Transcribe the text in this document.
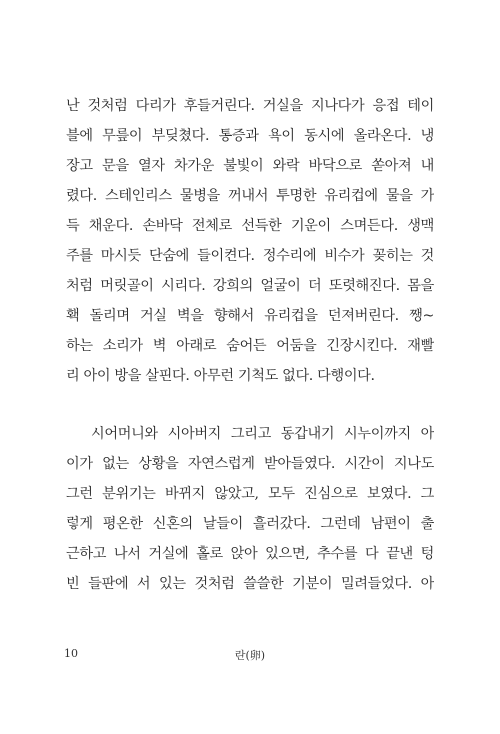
난 것처럼 다리가 후들거린다. 거실을 지나다가 응접 테이
블에 무릎이 부딪쳤다. 통증과 욕이 동시에 올라온다. 냉
장고 문을 열자 차가운 불빛이 와락 바닥으로 쏟아져 내
렸다. 스테인리스 물병을 꺼내서 투명한 유리컵에 물을 가
득 채운다. 손바닥 전체로 선득한 기운이 스며든다. 생맥
주를 마시듯 단숨에 들이켠다. 정수리에 비수가 꽂히는 것
처럼 머릿골이 시리다. 강희의 얼굴이 더 또렷해진다. 몸을
홱 돌리며 거실 벽을 향해서 유리컵을 던져버린다. 쨍~
하는 소리가 벽 아래로 숨어든 어둠을 긴장시킨다. 재빨
리 아이 방을 살핀다. 아무런 기척도 없다. 다행이다.
시어머니와 시아버지 그리고 동갑내기 시누이까지 아
이가 없는 상황을 자연스럽게 받아들였다. 시간이 지나도
그런 분위기는 바뀌지 않았고, 모두 진심으로 보였다. 그
렇게 평온한 신혼의 날들이 흘러갔다. 그런데 남편이 출
근하고 나서 거실에 홀로 앉아 있으면, 추수를 다 끝낸 텅
빈 들판에 서 있는 것처럼 쓸쓸한 기분이 밀려들었다. 아
10	란(卵)
